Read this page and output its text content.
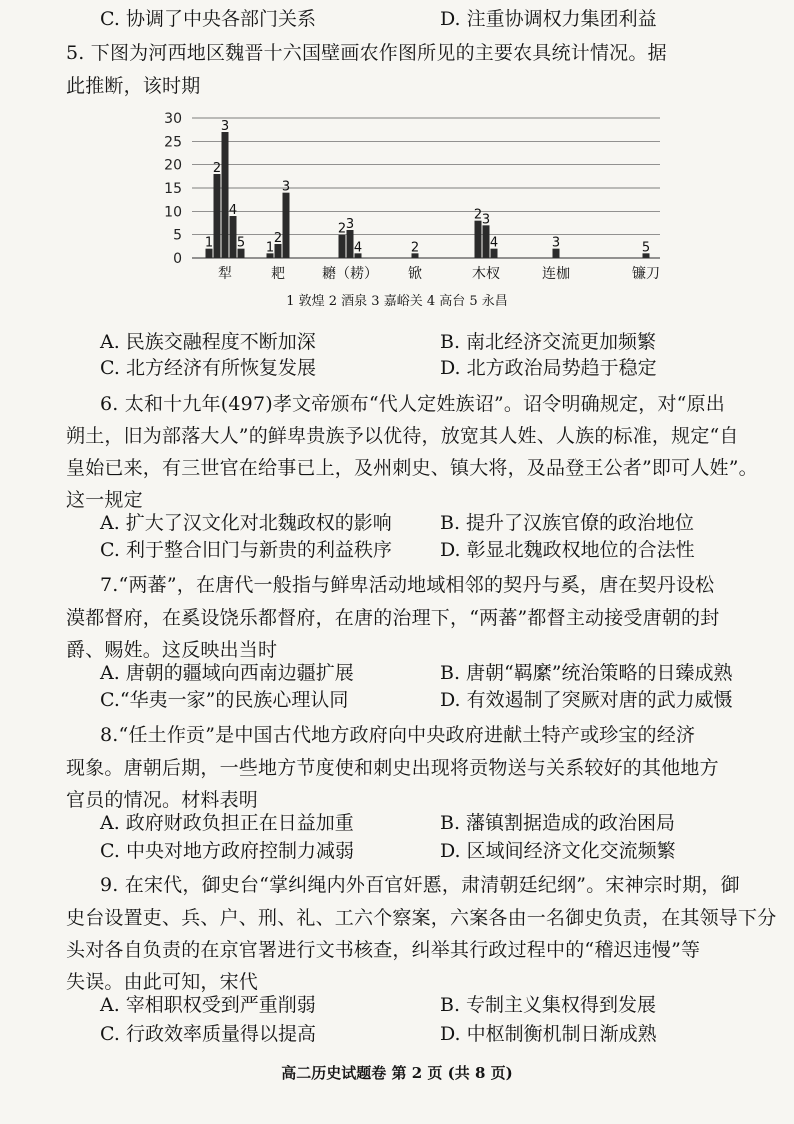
C. 协调了中央各部门关系	D. 注重协调权力集团利益
5. 下图为河西地区魏晋十六国壁画农作图所见的主要农具统计情况。据
此推断，该时期
0
5
10
15
20
25
30
1
2
3
4
5
犁
1
2
3
耙
2 3
4
耱（耢）
2
锨
2 3
4
木杈
3
连枷
5
镰刀
1 敦煌 2 酒泉 3 嘉峪关 4 高台 5 永昌
A. 民族交融程度不断加深	B. 南北经济交流更加频繁
C. 北方经济有所恢复发展	D. 北方政治局势趋于稳定
6. 太和十九年(497)孝文帝颁布“代人定姓族诏”。诏令明确规定，对“原出
朔土，旧为部落大人”的鲜卑贵族予以优待，放宽其人姓、人族的标准，规定“自
皇始已来，有三世官在给事已上，及州刺史、镇大将，及品登王公者”即可人姓”。
这一规定
A. 扩大了汉文化对北魏政权的影响	B. 提升了汉族官僚的政治地位
C. 利于整合旧门与新贵的利益秩序	D. 彰显北魏政权地位的合法性
7.“两蕃”，在唐代一般指与鲜卑活动地域相邻的契丹与奚，唐在契丹设松
漠都督府，在奚设饶乐都督府，在唐的治理下，“两蕃”都督主动接受唐朝的封
爵、赐姓。这反映出当时
A. 唐朝的疆域向西南边疆扩展	B. 唐朝“羁縻”统治策略的日臻成熟
C.“华夷一家”的民族心理认同	D. 有效遏制了突厥对唐的武力威慑
8.“任土作贡”是中国古代地方政府向中央政府进献土特产或珍宝的经济
现象。唐朝后期，一些地方节度使和刺史出现将贡物送与关系较好的其他地方
官员的情况。材料表明
A. 政府财政负担正在日益加重	B. 藩镇割据造成的政治困局
C. 中央对地方政府控制力减弱	D. 区域间经济文化交流频繁
9. 在宋代，御史台“掌纠绳内外百官奸慝，肃清朝廷纪纲”。宋神宗时期，御
史台设置吏、兵、户、刑、礼、工六个察案，六案各由一名御史负责，在其领导下分
头对各自负责的在京官署进行文书核查，纠举其行政过程中的“稽迟违慢”等
失误。由此可知，宋代
A. 宰相职权受到严重削弱	B. 专制主义集权得到发展
C. 行政效率质量得以提高	D. 中枢制衡机制日渐成熟
高二历史试题卷 第 2 页 (共 8 页)
